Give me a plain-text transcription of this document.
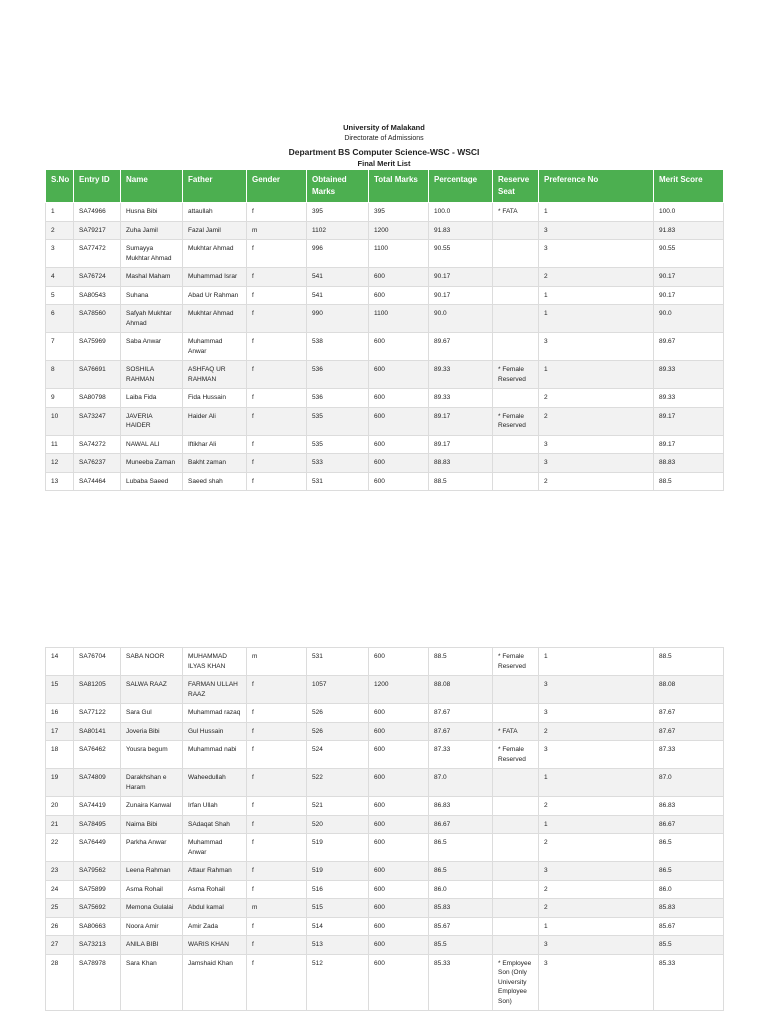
University of Malakand
Directorate of Admissions
Department BS Computer Science-WSC - WSCI
Final Merit List
S.No	Entry ID	Name	Father	Gender	Obtained Marks	Total Marks	Percentage	Reserve Seat	Preference No	Merit Score
1	SA74966	Husna Bibi	attaullah	f	395	395	100.0	* FATA	1	100.0
2	SA79217	Zuha Jamil	Fazal Jamil	m	1102	1200	91.83		3	91.83
3	SA77472	Sumayya Mukhtar Ahmad	Mukhtar Ahmad	f	996	1100	90.55		3	90.55
4	SA76724	Mashal Maham	Muhammad Israr	f	541	600	90.17		2	90.17
5	SA80543	Suhana	Abad Ur Rahman	f	541	600	90.17		1	90.17
6	SA78560	Safyah Mukhtar Ahmad	Mukhtar Ahmad	f	990	1100	90.0		1	90.0
7	SA75969	Saba Anwar	Muhammad Anwar	f	538	600	89.67		3	89.67
8	SA76691	SOSHILA RAHMAN	ASHFAQ UR RAHMAN	f	536	600	89.33	* Female Reserved	1	89.33
9	SA80798	Laiba Fida	Fida Hussain	f	536	600	89.33		2	89.33
10	SA73247	JAVERIA HAIDER	Haider Ali	f	535	600	89.17	* Female Reserved	2	89.17
11	SA74272	NAWAL ALI	Iftikhar Ali	f	535	600	89.17		3	89.17
12	SA76237	Muneeba Zaman	Bakht zaman	f	533	600	88.83		3	88.83
13	SA74464	Lubaba Saeed	Saeed shah	f	531	600	88.5		2	88.5
14	SA76704	SABA NOOR	MUHAMMAD ILYAS KHAN	m	531	600	88.5	* Female Reserved	1	88.5
15	SA81205	SALWA RAAZ	FARMAN ULLAH RAAZ	f	1057	1200	88.08		3	88.08
16	SA77122	Sara Gul	Muhammad razaq	f	526	600	87.67		3	87.67
17	SA80141	Joveria Bibi	Gul Hussain	f	526	600	87.67	* FATA	2	87.67
18	SA76462	Yousra begum	Muhammad nabi	f	524	600	87.33	* Female Reserved	3	87.33
19	SA74809	Darakhshan e Haram	Waheedullah	f	522	600	87.0		1	87.0
20	SA74419	Zunaira Kanwal	Irfan Ullah	f	521	600	86.83		2	86.83
21	SA78495	Naima Bibi	SAdaqat Shah	f	520	600	86.67		1	86.67
22	SA76449	Parkha Anwar	Muhammad Anwar	f	519	600	86.5		2	86.5
23	SA79562	Leena Rahman	Attaur Rahman	f	519	600	86.5		3	86.5
24	SA75899	Asma Rohail	Asma Rohail	f	516	600	86.0		2	86.0
25	SA75692	Memona Gulalai	Abdul kamal	m	515	600	85.83		2	85.83
26	SA80663	Noora Amir	Amir Zada	f	514	600	85.67		1	85.67
27	SA73213	ANILA BIBI	WARIS KHAN	f	513	600	85.5		3	85.5
28	SA78978	Sara Khan	Jamshaid Khan	f	512	600	85.33	* Employee Son (Only University Employee Son)	3	85.33
